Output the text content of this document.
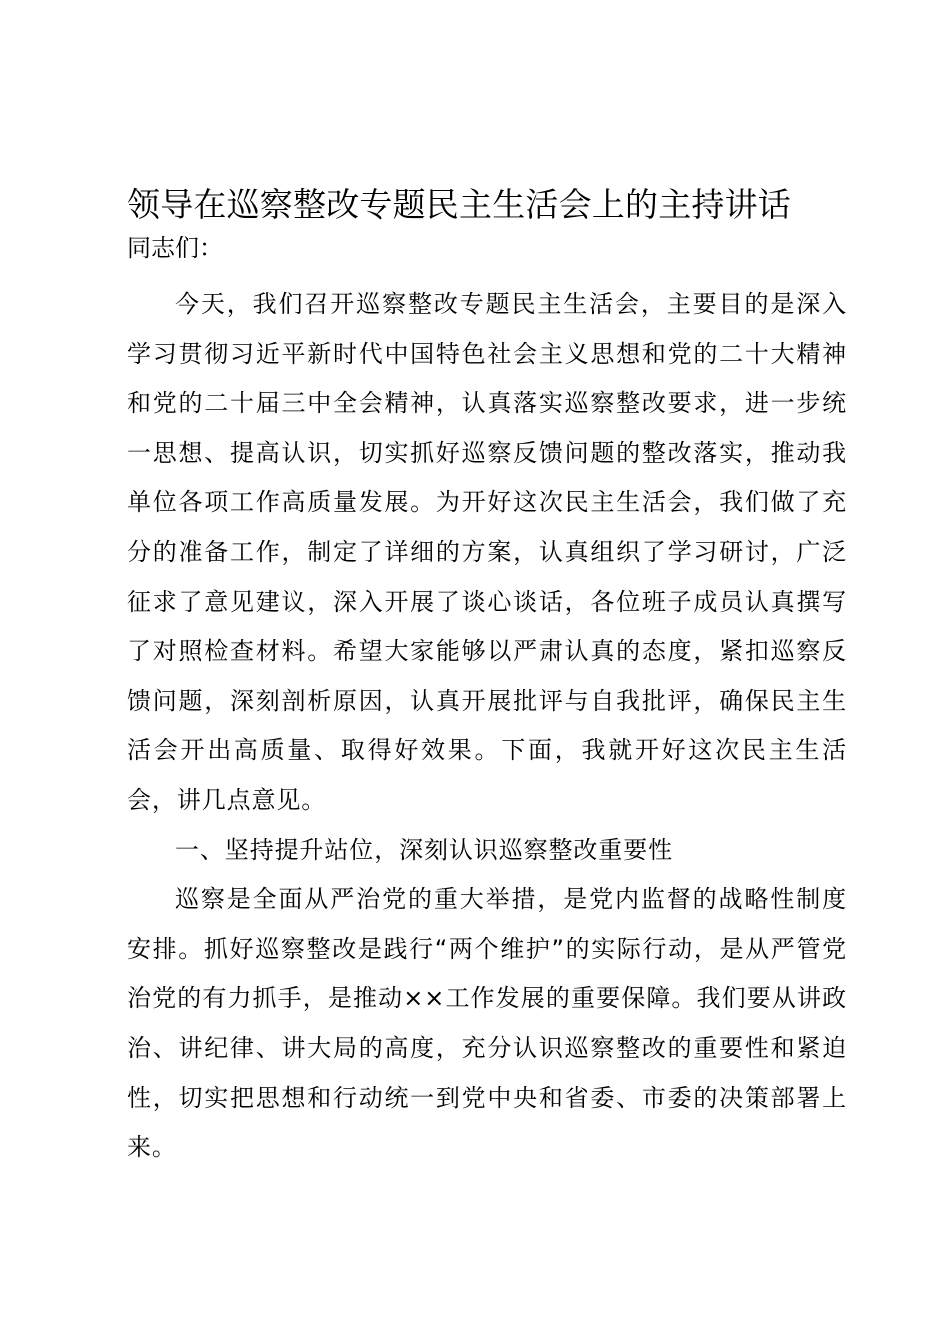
领导在巡察整改专题民主生活会上的主持讲话

同志们：

今天，我们召开巡察整改专题民主生活会，主要目的是深入学习贯彻习近平新时代中国特色社会主义思想和党的二十大精神和党的二十届三中全会精神，认真落实巡察整改要求，进一步统一思想、提高认识，切实抓好巡察反馈问题的整改落实，推动我单位各项工作高质量发展。为开好这次民主生活会，我们做了充分的准备工作，制定了详细的方案，认真组织了学习研讨，广泛征求了意见建议，深入开展了谈心谈话，各位班子成员认真撰写了对照检查材料。希望大家能够以严肃认真的态度，紧扣巡察反馈问题，深刻剖析原因，认真开展批评与自我批评，确保民主生活会开出高质量、取得好效果。下面，我就开好这次民主生活会，讲几点意见。

一、坚持提升站位，深刻认识巡察整改重要性

巡察是全面从严治党的重大举措，是党内监督的战略性制度安排。抓好巡察整改是践行“两个维护”的实际行动，是从严管党治党的有力抓手，是推动××工作发展的重要保障。我们要从讲政治、讲纪律、讲大局的高度，充分认识巡察整改的重要性和紧迫性，切实把思想和行动统一到党中央和省委、市委的决策部署上来。
